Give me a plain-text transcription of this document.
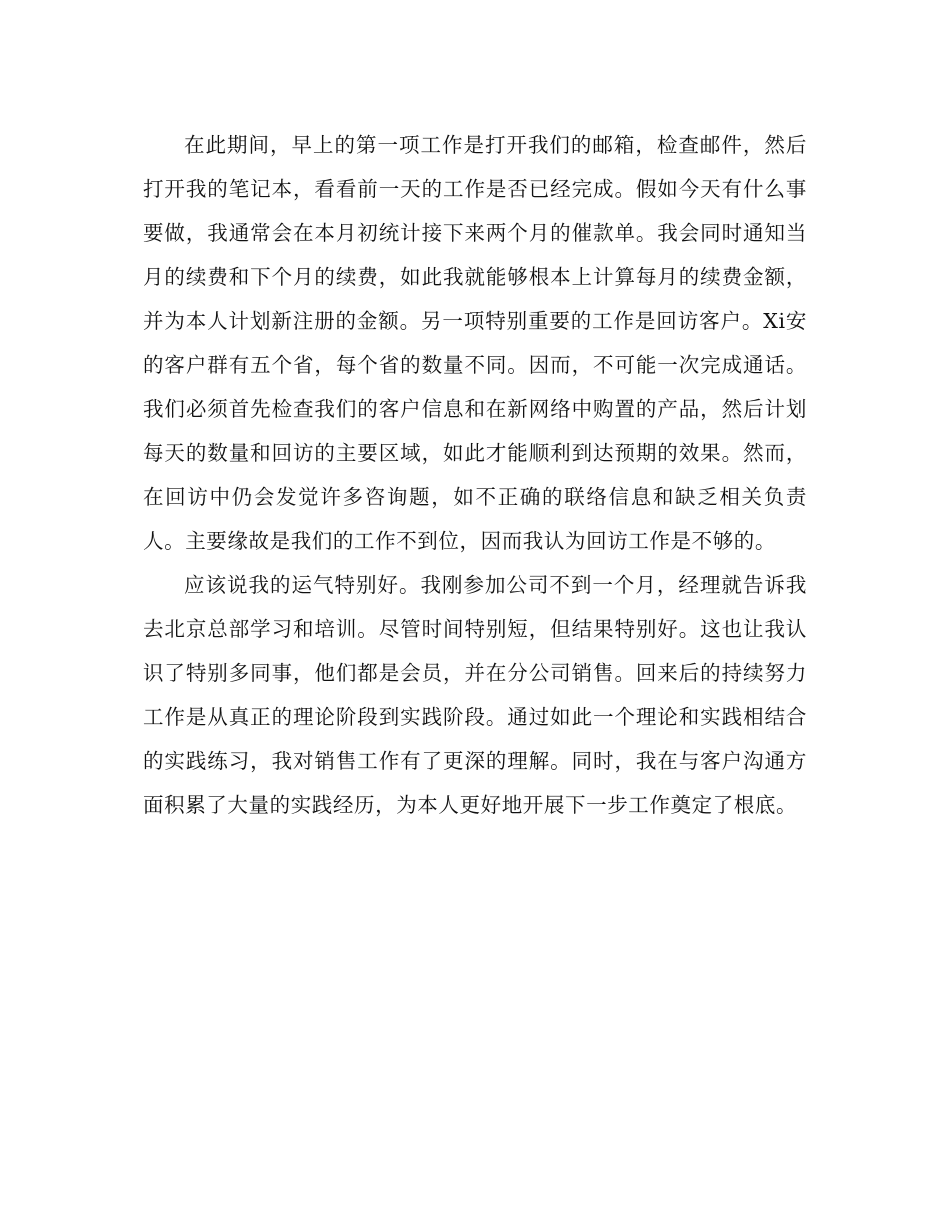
在此期间，早上的第一项工作是打开我们的邮箱，检查邮件，然后打开我的笔记本，看看前一天的工作是否已经完成。假如今天有什么事要做，我通常会在本月初统计接下来两个月的催款单。我会同时通知当月的续费和下个月的续费，如此我就能够根本上计算每月的续费金额，并为本人计划新注册的金额。另一项特别重要的工作是回访客户。Xi安的客户群有五个省，每个省的数量不同。因而，不可能一次完成通话。我们必须首先检查我们的客户信息和在新网络中购置的产品，然后计划每天的数量和回访的主要区域，如此才能顺利到达预期的效果。然而，在回访中仍会发觉许多咨询题，如不正确的联络信息和缺乏相关负责人。主要缘故是我们的工作不到位，因而我认为回访工作是不够的。

应该说我的运气特别好。我刚参加公司不到一个月，经理就告诉我去北京总部学习和培训。尽管时间特别短，但结果特别好。这也让我认识了特别多同事，他们都是会员，并在分公司销售。回来后的持续努力工作是从真正的理论阶段到实践阶段。通过如此一个理论和实践相结合的实践练习，我对销售工作有了更深的理解。同时，我在与客户沟通方面积累了大量的实践经历，为本人更好地开展下一步工作奠定了根底。
